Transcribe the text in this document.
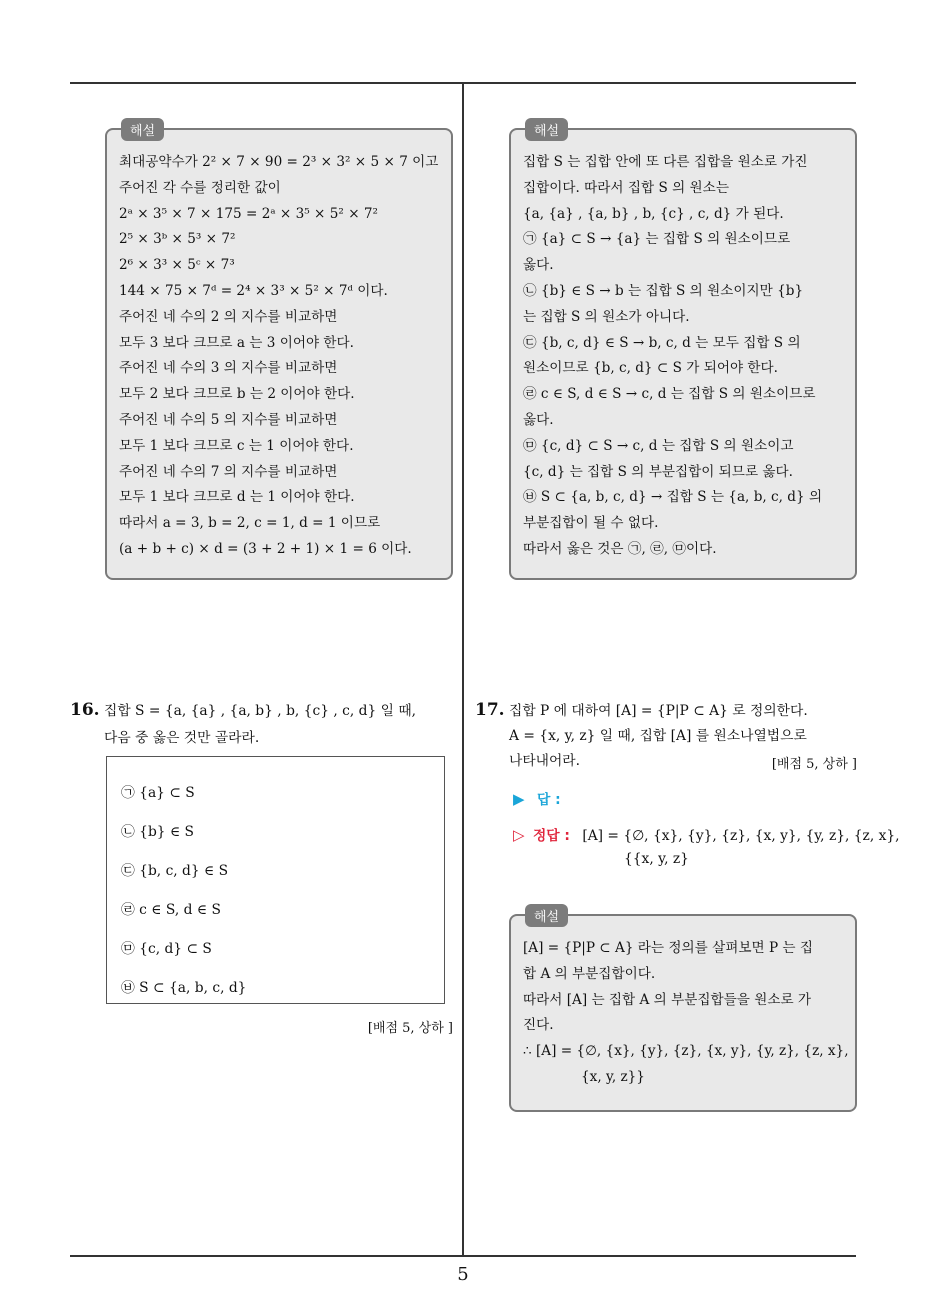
해설
최대공약수가 2² × 7 × 90 = 2³ × 3² × 5 × 7 이고
주어진 각 수를 정리한 값이
2ᵃ × 3⁵ × 7 × 175 = 2ᵃ × 3⁵ × 5² × 7²
2⁵ × 3ᵇ × 5³ × 7²
2⁶ × 3³ × 5ᶜ × 7³
144 × 75 × 7ᵈ = 2⁴ × 3³ × 5² × 7ᵈ 이다.
주어진 네 수의 2 의 지수를 비교하면
모두 3 보다 크므로 a 는 3 이어야 한다.
주어진 네 수의 3 의 지수를 비교하면
모두 2 보다 크므로 b 는 2 이어야 한다.
주어진 네 수의 5 의 지수를 비교하면
모두 1 보다 크므로 c 는 1 이어야 한다.
주어진 네 수의 7 의 지수를 비교하면
모두 1 보다 크므로 d 는 1 이어야 한다.
따라서 a = 3, b = 2, c = 1, d = 1 이므로
(a + b + c) × d = (3 + 2 + 1) × 1 = 6 이다.
해설
집합 S 는 집합 안에 또 다른 집합을 원소로 가진
집합이다. 따라서 집합 S 의 원소는
{a, {a} , {a, b} , b, {c} , c, d} 가 된다.
㉠ {a} ⊂ S → {a} 는 집합 S 의 원소이므로
옳다.
㉡ {b} ∈ S → b 는 집합 S 의 원소이지만 {b}
는 집합 S 의 원소가 아니다.
㉢ {b, c, d} ∈ S → b, c, d 는 모두 집합 S 의
원소이므로 {b, c, d} ⊂ S 가 되어야 한다.
㉣ c ∈ S, d ∈ S → c, d 는 집합 S 의 원소이므로
옳다.
㉤ {c, d} ⊂ S → c, d 는 집합 S 의 원소이고
{c, d} 는 집합 S 의 부분집합이 되므로 옳다.
㉥ S ⊂ {a, b, c, d} → 집합 S 는 {a, b, c, d} 의
부분집합이 될 수 없다.
따라서 옳은 것은 ㉠, ㉣, ㉤이다.
16. 집합 S = {a, {a} , {a, b} , b, {c} , c, d} 일 때,
다음 중 옳은 것만 골라라.
㉠ {a} ⊂ S
㉡ {b} ∈ S
㉢ {b, c, d} ∈ S
㉣ c ∈ S, d ∈ S
㉤ {c, d} ⊂ S
㉥ S ⊂ {a, b, c, d}
[배점 5, 상하 ]
17. 집합 P 에 대하여 [A] = {P|P ⊂ A} 로 정의한다.
A = {x, y, z} 일 때, 집합 [A] 를 원소나열법으로
나타내어라.	[배점 5, 상하 ]
▶ 답 :
▷ 정답 : [A] = {∅, {x}, {y}, {z}, {x, y}, {y, z}, {z, x},
{{x, y, z}
해설
[A] = {P|P ⊂ A} 라는 정의를 살펴보면 P 는 집
합 A 의 부분집합이다.
따라서 [A] 는 집합 A 의 부분집합들을 원소로 가
진다.
∴ [A] = {∅, {x}, {y}, {z}, {x, y}, {y, z}, {z, x},
{x, y, z}}
5
